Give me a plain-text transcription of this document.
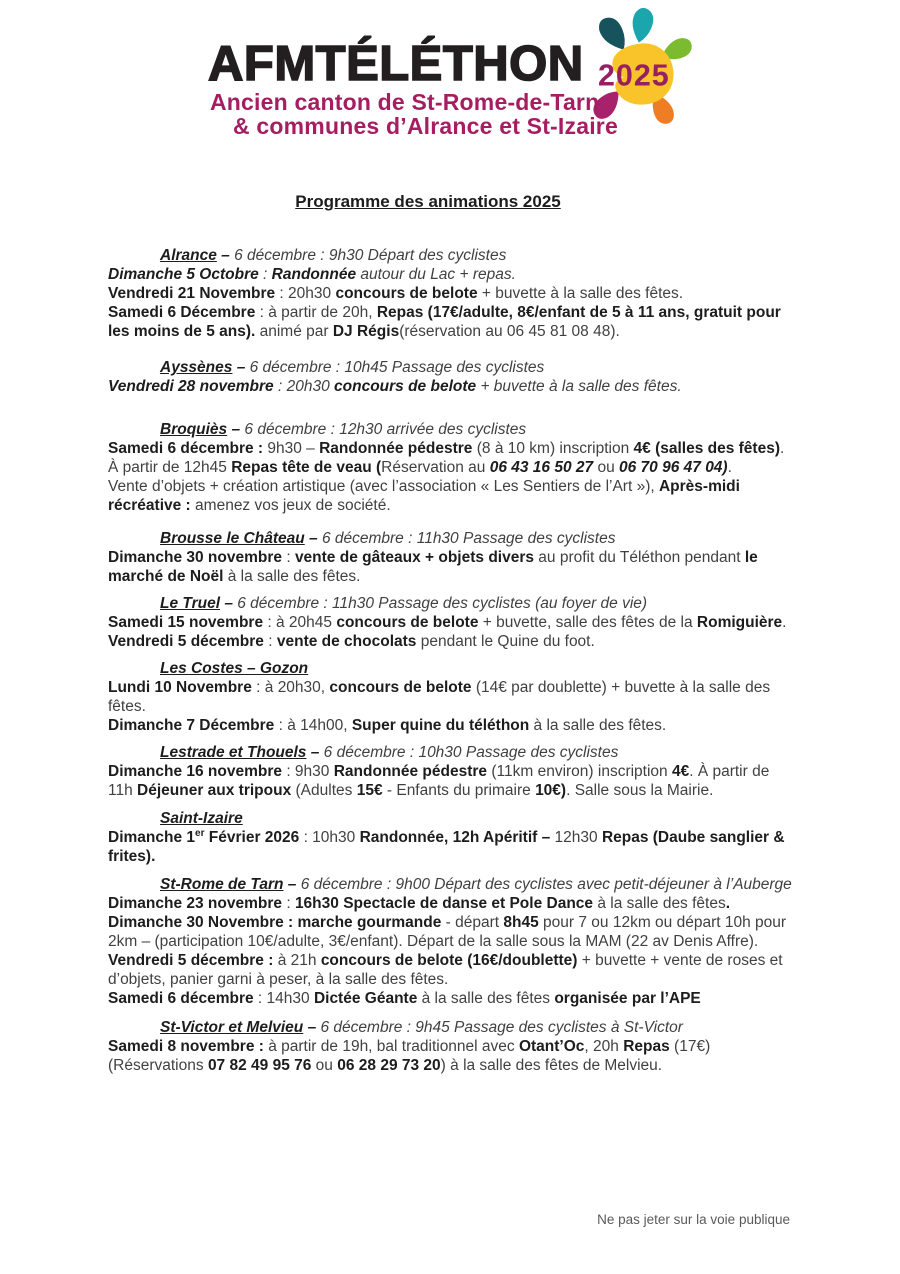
AFMTÉLÉTHON 2025
Ancien canton de St-Rome-de-Tarn
& communes d’Alrance et St-Izaire
Programme des animations 2025

Alrance – 6 décembre : 9h30 Départ des cyclistes

Dimanche 5 Octobre : Randonnée autour du Lac + repas.

Vendredi 21 Novembre : 20h30 concours de belote + buvette à la salle des fêtes.

Samedi 6 Décembre : à partir de 20h, Repas (17€/adulte, 8€/enfant de 5 à 11 ans, gratuit pour les moins de 5 ans). animé par DJ Régis(réservation au 06 45 81 08 48).

Ayssènes – 6 décembre : 10h45 Passage des cyclistes

Vendredi 28 novembre : 20h30 concours de belote + buvette à la salle des fêtes.

Broquiès – 6 décembre : 12h30 arrivée des cyclistes

Samedi 6 décembre : 9h30 – Randonnée pédestre (8 à 10 km) inscription 4€ (salles des fêtes).

À partir de 12h45 Repas tête de veau (Réservation au 06 43 16 50 27 ou 06 70 96 47 04).

Vente d’objets + création artistique (avec l’association « Les Sentiers de l’Art »), Après-midi récréative : amenez vos jeux de société.

Brousse le Château – 6 décembre : 11h30 Passage des cyclistes

Dimanche 30 novembre : vente de gâteaux + objets divers au profit du Téléthon pendant le marché de Noël à la salle des fêtes.

Le Truel – 6 décembre : 11h30 Passage des cyclistes (au foyer de vie)

Samedi 15 novembre : à 20h45 concours de belote + buvette, salle des fêtes de la Romiguière.

Vendredi 5 décembre : vente de chocolats pendant le Quine du foot.

Les Costes – Gozon

Lundi 10 Novembre : à 20h30, concours de belote (14€ par doublette) + buvette à la salle des fêtes.

Dimanche 7 Décembre : à 14h00, Super quine du téléthon à la salle des fêtes.

Lestrade et Thouels – 6 décembre : 10h30 Passage des cyclistes

Dimanche 16 novembre : 9h30 Randonnée pédestre (11km environ) inscription 4€. À partir de 11h Déjeuner aux tripoux (Adultes 15€ - Enfants du primaire 10€). Salle sous la Mairie.

Saint-Izaire

Dimanche 1er Février 2026 : 10h30 Randonnée, 12h Apéritif – 12h30 Repas (Daube sanglier & frites).

St-Rome de Tarn – 6 décembre : 9h00 Départ des cyclistes avec petit-déjeuner à l’Auberge

Dimanche 23 novembre : 16h30 Spectacle de danse et Pole Dance à la salle des fêtes.

Dimanche 30 Novembre : marche gourmande - départ 8h45 pour 7 ou 12km ou départ 10h pour 2km – (participation 10€/adulte, 3€/enfant). Départ de la salle sous la MAM (22 av Denis Affre).

Vendredi 5 décembre : à 21h concours de belote (16€/doublette) + buvette + vente de roses et d’objets, panier garni à peser, à la salle des fêtes.

Samedi 6 décembre : 14h30 Dictée Géante à la salle des fêtes organisée par l’APE

St-Victor et Melvieu – 6 décembre : 9h45 Passage des cyclistes à St-Victor

Samedi 8 novembre : à partir de 19h, bal traditionnel avec Otant’Oc, 20h Repas (17€) (Réservations 07 82 49 95 76 ou 06 28 29 73 20) à la salle des fêtes de Melvieu.

Ne pas jeter sur la voie publique
